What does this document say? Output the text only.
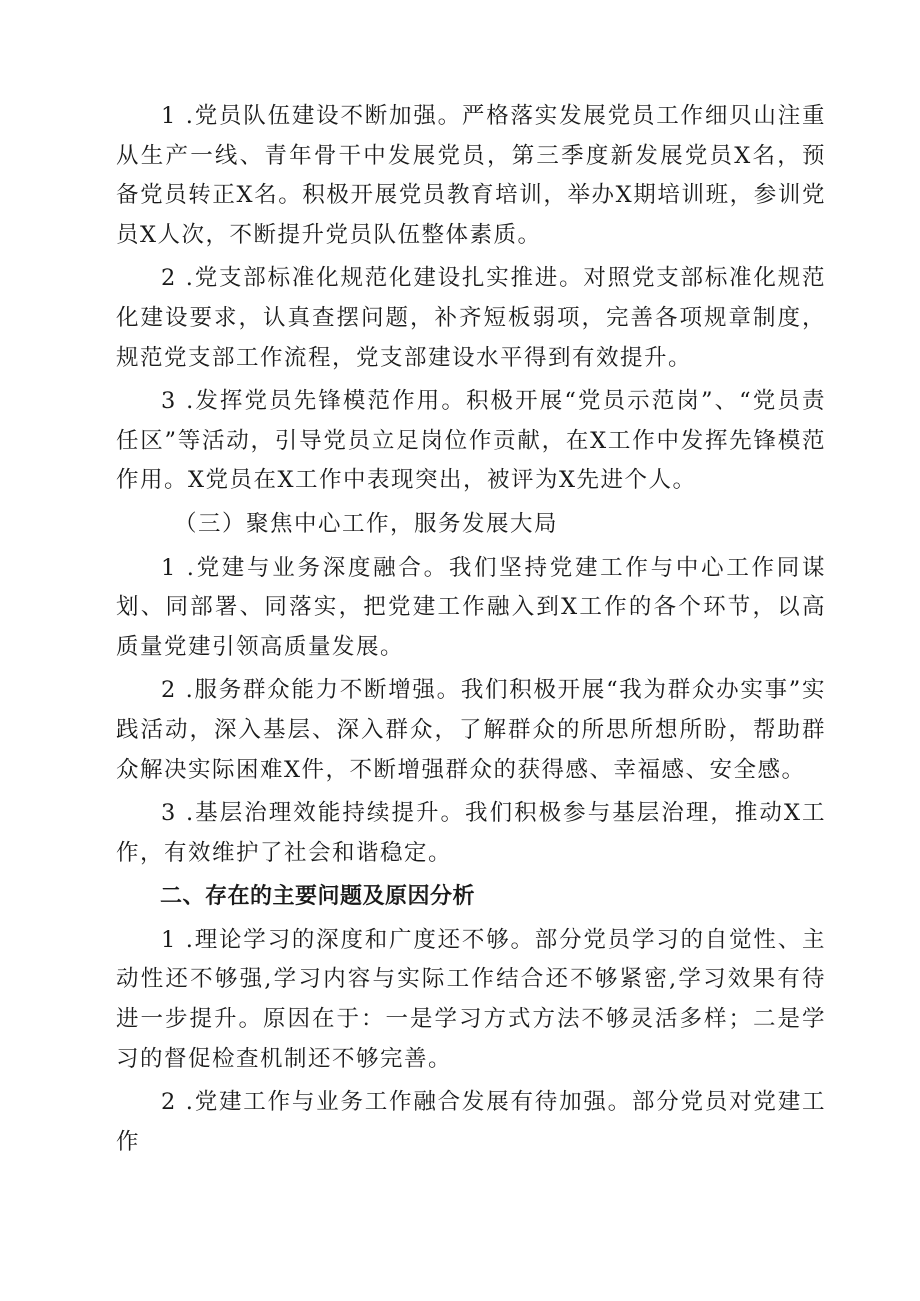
1 .党员队伍建设不断加强。严格落实发展党员工作细贝山注重从生产一线、青年骨干中发展党员，第三季度新发展党员X名，预备党员转正X名。积极开展党员教育培训，举办X期培训班，参训党员X人次，不断提升党员队伍整体素质。

2 .党支部标准化规范化建设扎实推进。对照党支部标准化规范化建设要求，认真查摆问题，补齐短板弱项，完善各项规章制度，规范党支部工作流程，党支部建设水平得到有效提升。

3 .发挥党员先锋模范作用。积极开展“党员示范岗”、“党员责任区”等活动，引导党员立足岗位作贡献，在X工作中发挥先锋模范作用。X党员在X工作中表现突出，被评为X先进个人。

（三）聚焦中心工作，服务发展大局

1 .党建与业务深度融合。我们坚持党建工作与中心工作同谋划、同部署、同落实，把党建工作融入到X工作的各个环节，以高质量党建引领高质量发展。

2 .服务群众能力不断增强。我们积极开展“我为群众办实事”实践活动，深入基层、深入群众，了解群众的所思所想所盼，帮助群众解决实际困难X件，不断增强群众的获得感、幸福感、安全感。

3 .基层治理效能持续提升。我们积极参与基层治理，推动X工作，有效维护了社会和谐稳定。

二、存在的主要问题及原因分析

1 .理论学习的深度和广度还不够。部分党员学习的自觉性、主动性还不够强,学习内容与实际工作结合还不够紧密,学习效果有待进一步提升。原因在于：一是学习方式方法不够灵活多样；二是学习的督促检查机制还不够完善。

2 .党建工作与业务工作融合发展有待加强。部分党员对党建工作
